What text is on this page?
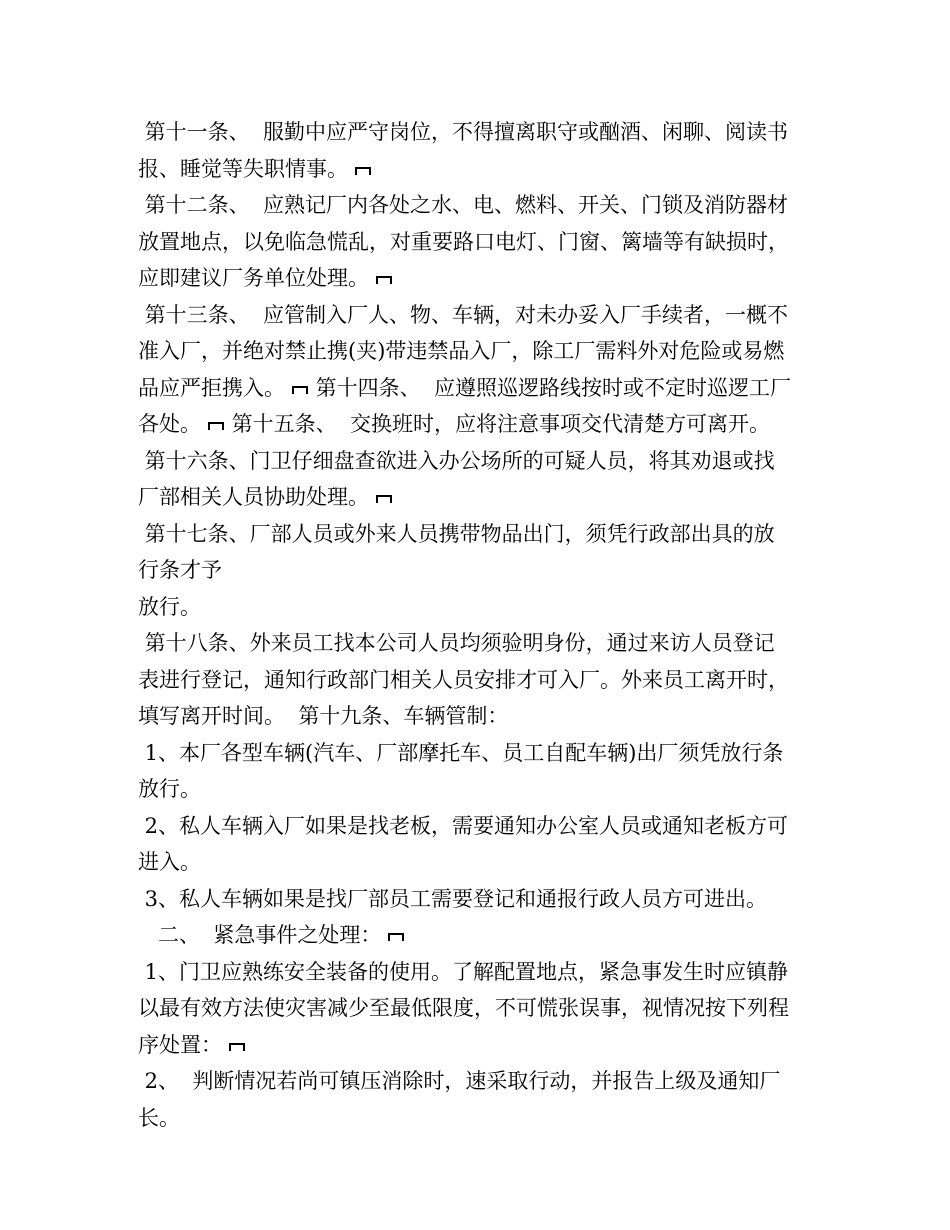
第十一条、  服勤中应严守岗位，不得擅离职守或酗酒、闲聊、阅读书
报、睡觉等失职情事。
第十二条、  应熟记厂内各处之水、电、燃料、开关、门锁及消防器材
放置地点，以免临急慌乱，对重要路口电灯、门窗、篱墙等有缺损时，
应即建议厂务单位处理。
第十三条、  应管制入厂人、物、车辆，对未办妥入厂手续者，一概不
准入厂，并绝对禁止携(夹)带违禁品入厂，除工厂需料外对危险或易燃
品应严拒携入。 第十四条、  应遵照巡逻路线按时或不定时巡逻工厂
各处。 第十五条、  交换班时，应将注意事项交代清楚方可离开。
第十六条、门卫仔细盘查欲进入办公场所的可疑人员，将其劝退或找
厂部相关人员协助处理。
第十七条、厂部人员或外来人员携带物品出门，须凭行政部出具的放
行条才予
放行。
第十八条、外来员工找本公司人员均须验明身份，通过来访人员登记
表进行登记，通知行政部门相关人员安排才可入厂。外来员工离开时，
填写离开时间。  第十九条、车辆管制：
1、本厂各型车辆(汽车、厂部摩托车、员工自配车辆)出厂须凭放行条
放行。
2、私人车辆入厂如果是找老板，需要通知办公室人员或通知老板方可
进入。
3、私人车辆如果是找厂部员工需要登记和通报行政人员方可进出。
二、  紧急事件之处理：
1、门卫应熟练安全装备的使用。了解配置地点，紧急事发生时应镇静
以最有效方法使灾害减少至最低限度，不可慌张误事，视情况按下列程
序处置：
2、  判断情况若尚可镇压消除时，速采取行动，并报告上级及通知厂
长。
